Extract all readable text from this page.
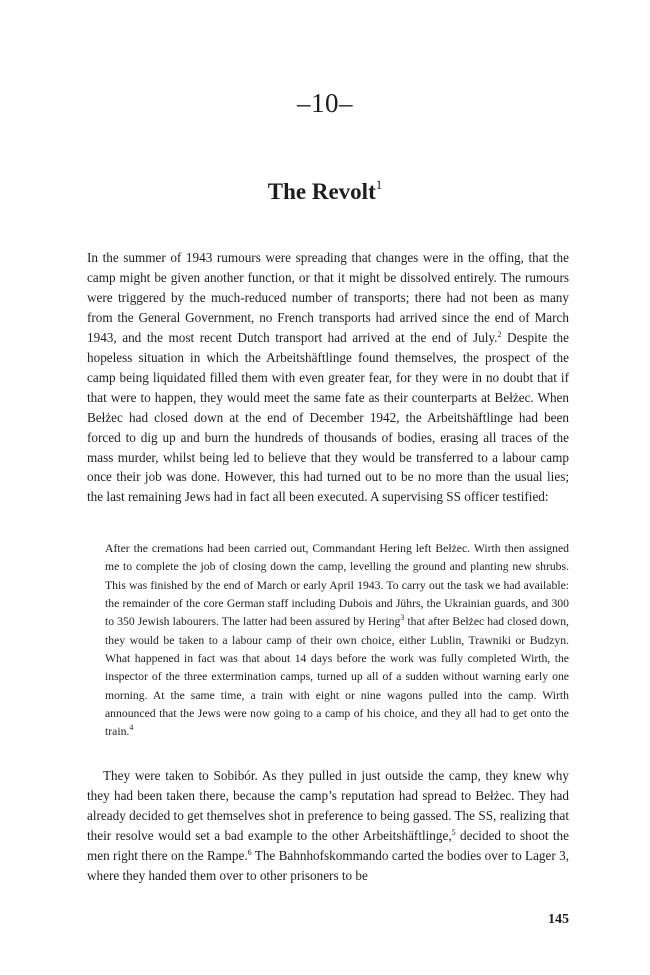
–10–
The Revolt$^1$

In the summer of 1943 rumours were spreading that changes were in the offing, that the camp might be given another function, or that it might be dissolved entirely. The rumours were triggered by the much-reduced number of transports; there had not been as many from the General Government, no French transports had arrived since the end of March 1943, and the most recent Dutch transport had arrived at the end of July.$^2$ Despite the hopeless situation in which the Arbeitshäftlinge found themselves, the prospect of the camp being liquidated filled them with even greater fear, for they were in no doubt that if that were to happen, they would meet the same fate as their counterparts at Bełżec. When Bełżec had closed down at the end of December 1942, the Arbeitshäftlinge had been forced to dig up and burn the hundreds of thousands of bodies, erasing all traces of the mass murder, whilst being led to believe that they would be transferred to a labour camp once their job was done. However, this had turned out to be no more than the usual lies; the last remaining Jews had in fact all been executed. A supervising SS officer testified:

After the cremations had been carried out, Commandant Hering left Bełżec. Wirth then assigned me to complete the job of closing down the camp, levelling the ground and planting new shrubs. This was finished by the end of March or early April 1943. To carry out the task we had available: the remainder of the core German staff including Dubois and Jührs, the Ukrainian guards, and 300 to 350 Jewish labourers. The latter had been assured by Hering$^3$ that after Bełżec had closed down, they would be taken to a labour camp of their own choice, either Lublin, Trawniki or Budzyn. What happened in fact was that about 14 days before the work was fully completed Wirth, the inspector of the three extermination camps, turned up all of a sudden without warning early one morning. At the same time, a train with eight or nine wagons pulled into the camp. Wirth announced that the Jews were now going to a camp of his choice, and they all had to get onto the train.$^4$

They were taken to Sobibór. As they pulled in just outside the camp, they knew why they had been taken there, because the camp’s reputation had spread to Bełżec. They had already decided to get themselves shot in preference to being gassed. The SS, realizing that their resolve would set a bad example to the other Arbeitshäftlinge,$^5$ decided to shoot the men right there on the Rampe.$^6$ The Bahnhofskommando carted the bodies over to Lager 3, where they handed them over to other prisoners to be

145
